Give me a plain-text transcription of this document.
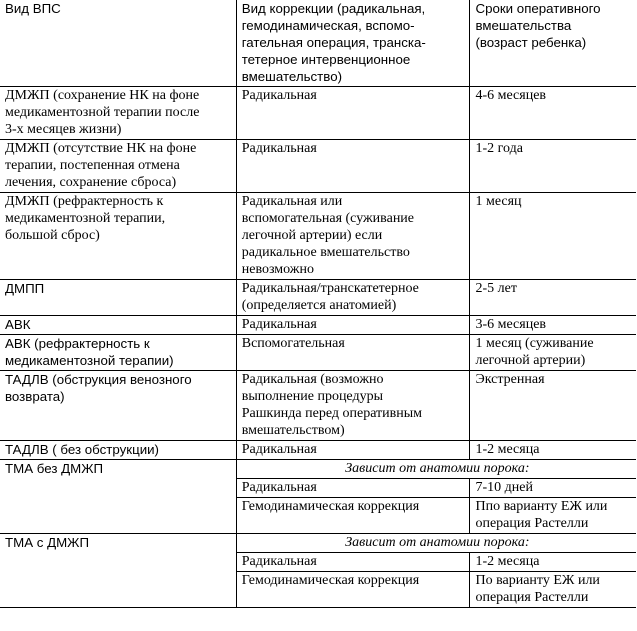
Вид ВПС	Вид коррекции (радикальная,
гемодинамическая, вспомо-
гательная операция, транска-
тетерное интервенционное
вмешательство)	Сроки оперативного
вмешательства
(возраст ребенка)
ДМЖП (сохранение НК на фоне
медикаментозной терапии после
3-х месяцев жизни)	Радикальная	4-6 месяцев
ДМЖП (отсутствие НК на фоне
терапии, постепенная отмена
лечения, сохранение сброса)	Радикальная	1-2 года
ДМЖП (рефрактерность к
медикаментозной терапии,
большой сброс)	Радикальная или
вспомогательная (суживание
легочной артерии) если
радикальное вмешательство
невозможно	1 месяц
ДМПП	Радикальная/транскатетерное
(определяется анатомией)	2-5 лет
АВК	Радикальная	3-6 месяцев
АВК (рефрактерность к
медикаментозной терапии)	Вспомогательная	1 месяц (суживание
легочной артерии)
ТАДЛВ (обструкция венозного
возврата)	Радикальная (возможно
выполнение процедуры
Рашкинда перед оперативным
вмешательством)	Экстренная
ТАДЛВ ( без обструкции)	Радикальная	1-2 месяца
ТМА без ДМЖП	Зависит от анатомии порока:	
	Радикальная	7-10 дней
	Гемодинамическая коррекция	Ппо варианту ЕЖ или
операция Растелли
ТМА с ДМЖП	Зависит от анатомии порока:	
	Радикальная	1-2 месяца
	Гемодинамическая коррекция	По варианту ЕЖ или
операция Растелли
